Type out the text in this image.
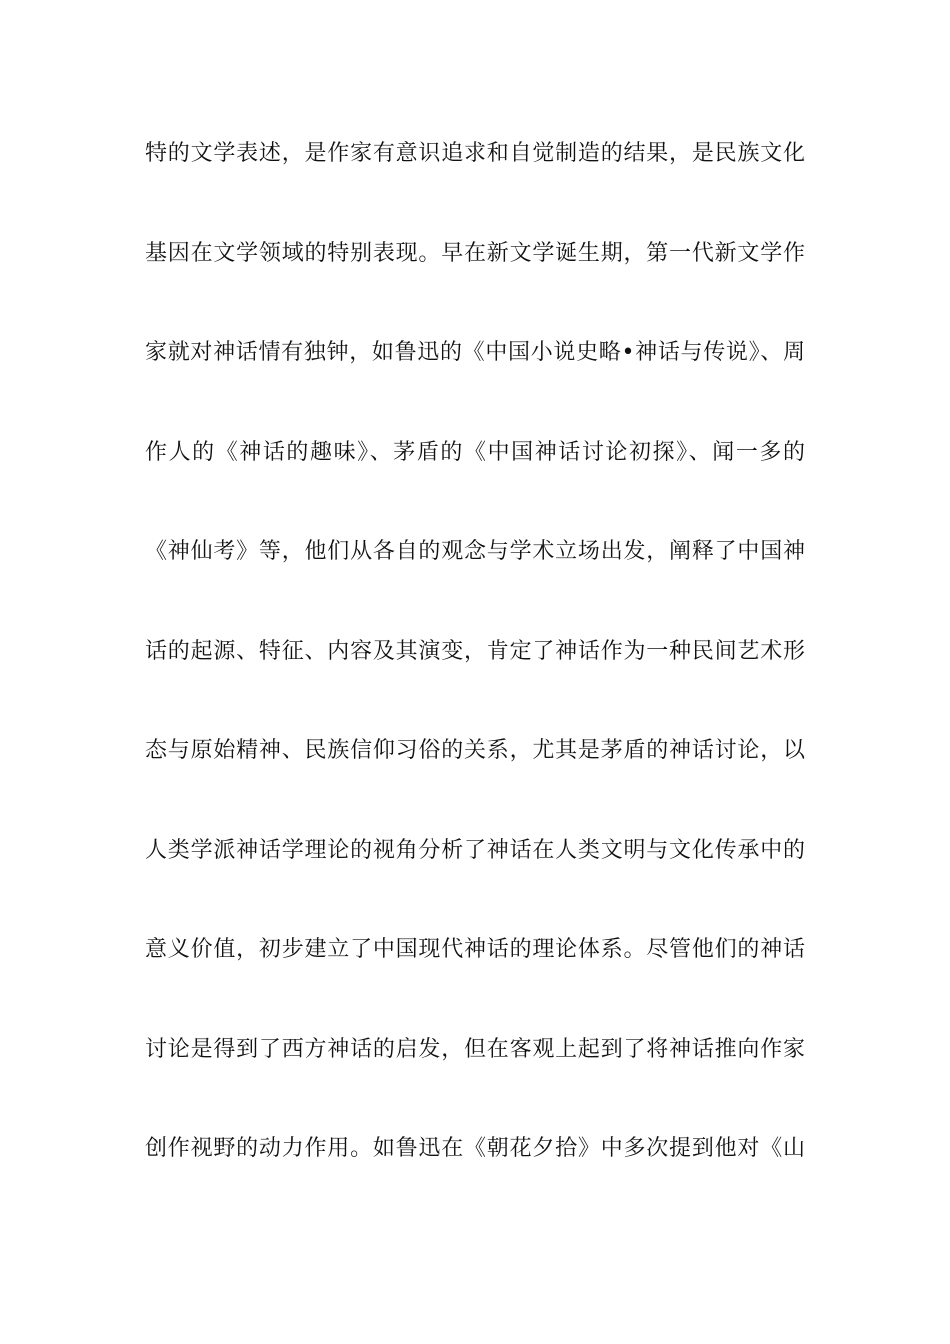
特的文学表述，是作家有意识追求和自觉制造的结果，是民族文化
基因在文学领域的特别表现。早在新文学诞生期，第一代新文学作
家就对神话情有独钟，如鲁迅的《中国小说史略•神话与传说》、周
作人的《神话的趣味》、茅盾的《中国神话讨论初探》、闻一多的
《神仙考》等，他们从各自的观念与学术立场出发，阐释了中国神
话的起源、特征、内容及其演变，肯定了神话作为一种民间艺术形
态与原始精神、民族信仰习俗的关系，尤其是茅盾的神话讨论，以
人类学派神话学理论的视角分析了神话在人类文明与文化传承中的
意义价值，初步建立了中国现代神话的理论体系。尽管他们的神话
讨论是得到了西方神话的启发，但在客观上起到了将神话推向作家
创作视野的动力作用。如鲁迅在《朝花夕拾》中多次提到他对《山
